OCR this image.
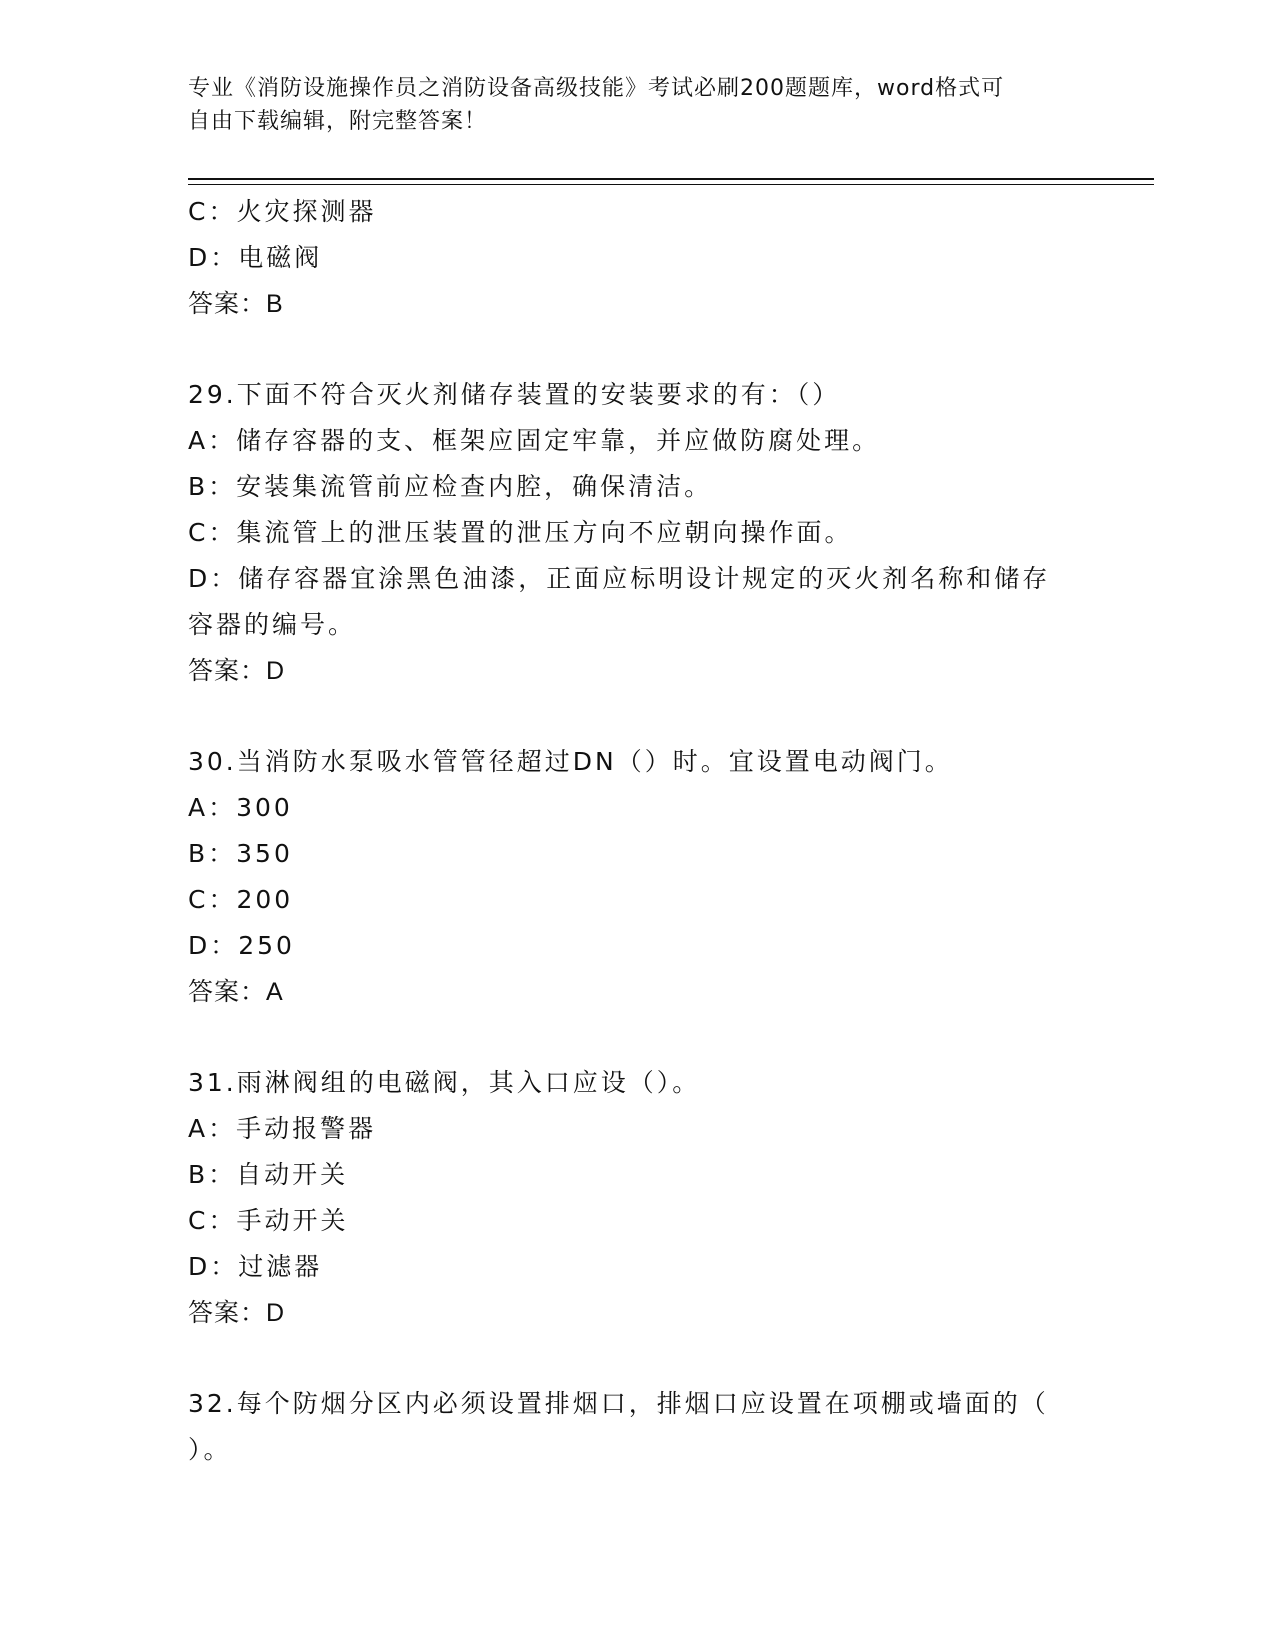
专业《消防设施操作员之消防设备高级技能》考试必刷200题题库，word格式可
自由下载编辑，附完整答案！
C：火灾探测器
D：电磁阀
答案：B
29.下面不符合灭火剂储存装置的安装要求的有：（）
A：储存容器的支、框架应固定牢靠，并应做防腐处理。
B：安装集流管前应检查内腔，确保清洁。
C：集流管上的泄压装置的泄压方向不应朝向操作面。
D：储存容器宜涂黑色油漆，正面应标明设计规定的灭火剂名称和储存
容器的编号。
答案：D
30.当消防水泵吸水管管径超过DN（）时。宜设置电动阀门。
A：300
B：350
C：200
D：250
答案：A
31.雨淋阀组的电磁阀，其入口应设（）。
A：手动报警器
B：自动开关
C：手动开关
D：过滤器
答案：D
32.每个防烟分区内必须设置排烟口，排烟口应设置在项棚或墙面的（
）。
